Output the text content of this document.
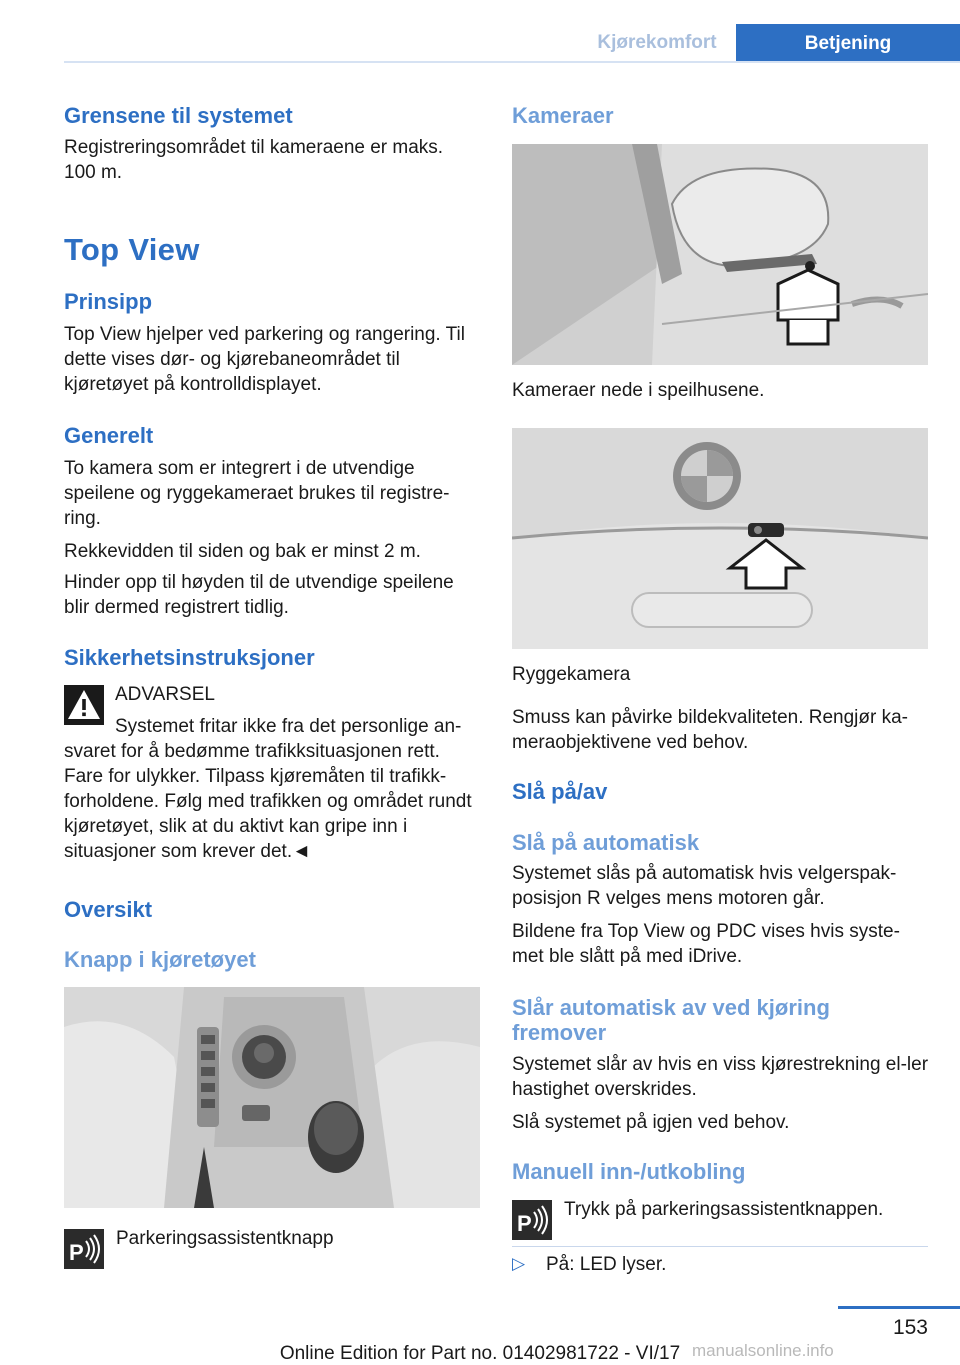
Kjørekomfort	Betjening
Grensene til systemet
Registreringsområdet til kameraene er maks. 100 m.
Top View
Prinsipp
Top View hjelper ved parkering og rangering. Til dette vises dør- og kjørebaneområdet til kjøretøyet på kontrolldisplayet.
Generelt
To kamera som er integrert i de utvendige speilene og ryggekameraet brukes til registre-ring.
Rekkevidden til siden og bak er minst 2 m.
Hinder opp til høyden til de utvendige speilene blir dermed registrert tidlig.
Sikkerhetsinstruksjoner
ADVARSEL
Systemet fritar ikke fra det personlige an-
svaret for å bedømme trafikksituasjonen rett. Fare for ulykker. Tilpass kjøremåten til trafikk-forholdene. Følg med trafikken og området rundt kjøretøyet, slik at du aktivt kan gripe inn i situasjoner som krever det.◄
Oversikt
Knapp i kjøretøyet
P
Parkeringsassistentknapp
Kameraer
Kameraer nede i speilhusene.
Ryggekamera
Smuss kan påvirke bildekvaliteten. Rengjør ka-meraobjektivene ved behov.
Slå på/av
Slå på automatisk
Systemet slås på automatisk hvis velgerspak-posisjon R velges mens motoren går.
Bildene fra Top View og PDC vises hvis syste-met ble slått på med iDrive.
Slår automatisk av ved kjøring fremover
Systemet slår av hvis en viss kjørestrekning el-ler hastighet overskrides.
Slå systemet på igjen ved behov.
Manuell inn-/utkobling
P
Trykk på parkeringsassistentknappen.
▷ På: LED lyser.
153
Online Edition for Part no. 01402981722 - VI/17 manualsonline.info
